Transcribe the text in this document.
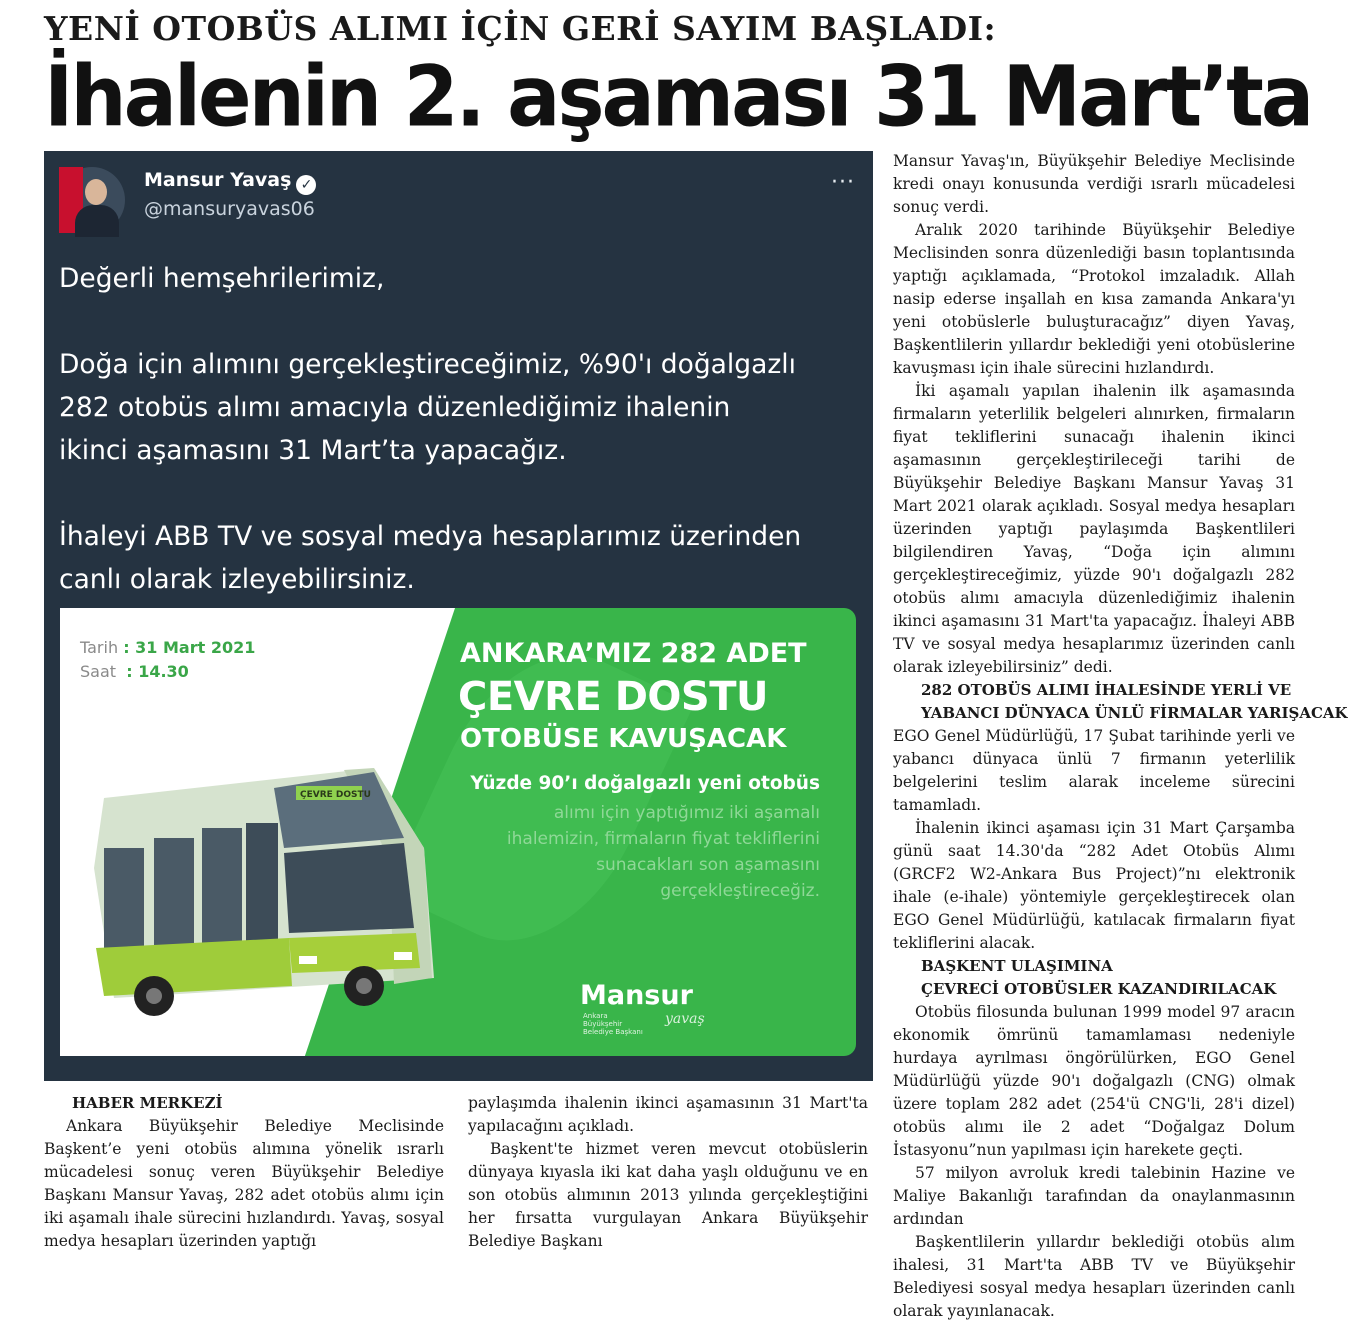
YENİ OTOBÜS ALIMI İÇİN GERİ SAYIM BAŞLADI:
İhalenin 2. aşaması 31 Mart’ta
Mansur Yavaş ✓
@mansuryavas06
···

Değerli hemşehrilerimiz,

Doğa için alımını gerçekleştireceğimiz, %90'ı doğalgazlı

282 otobüs alımı amacıyla düzenlediğimiz ihalenin

ikinci aşamasını 31 Mart’ta yapacağız.

İhaleyi ABB TV ve sosyal medya hesaplarımız üzerinden

canlı olarak izleyebilirsiniz.

Tarih : 31 Mart 2021
Saat : 14.30
ÇEVRE DOSTU
ANKARA’MIZ 282 ADET
ÇEVRE DOSTU
OTOBÜSE KAVUŞACAK
Yüzde 90’ı doğalgazlı yeni otobüs
alımı için yaptığımız iki aşamalı
ihalemizin, firmaların fiyat tekliflerini
sunacakları son aşamasını
gerçekleştireceğiz.
Mansur
Ankara Büyükşehir Belediye Başkanı
yavaş
HABER MERKEZİ

Ankara Büyükşehir Belediye Meclisinde Başkent’e yeni otobüs alımına yönelik ısrarlı mücadelesi sonuç veren Büyükşehir Belediye Başkanı Mansur Yavaş, 282 adet otobüs alımı için iki aşamalı ihale sürecini hızlandırdı. Yavaş, sosyal medya hesapları üzerinden yaptığı

paylaşımda ihalenin ikinci aşamasının 31 Mart'ta yapılacağını açıkladı.

Başkent'te hizmet veren mevcut otobüslerin dünyaya kıyasla iki kat daha yaşlı olduğunu ve en son otobüs alımının 2013 yılında gerçekleştiğini her fırsatta vurgulayan Ankara Büyükşehir Belediye Başkanı

Mansur Yavaş'ın, Büyükşehir Belediye Meclisinde kredi onayı konusunda verdiği ısrarlı mücadelesi sonuç verdi.

Aralık 2020 tarihinde Büyükşehir Belediye Meclisinden sonra düzenlediği basın toplantısında yaptığı açıklamada, “Protokol imzaladık. Allah nasip ederse inşallah en kısa zamanda Ankara'yı yeni otobüslerle buluşturacağız” diyen Yavaş, Başkentlilerin yıllardır beklediği yeni otobüslerine kavuşması için ihale sürecini hızlandırdı.

İki aşamalı yapılan ihalenin ilk aşamasında firmaların yeterlilik belgeleri alınırken, firmaların fiyat tekliflerini sunacağı ihalenin ikinci aşamasının gerçekleştirileceği tarihi de Büyükşehir Belediye Başkanı Mansur Yavaş 31 Mart 2021 olarak açıkladı. Sosyal medya hesapları üzerinden yaptığı paylaşımda Başkentlileri bilgilendiren Yavaş, “Doğa için alımını gerçekleştireceğimiz, yüzde 90'ı doğalgazlı 282 otobüs alımı amacıyla düzenlediğimiz ihalenin ikinci aşamasını 31 Mart'ta yapacağız. İhaleyi ABB TV ve sosyal medya hesaplarımız üzerinden canlı olarak izleyebilirsiniz” dedi.

282 OTOBÜS ALIMI İHALESİNDE YERLİ VE
YABANCI DÜNYACA ÜNLÜ FİRMALAR YARIŞACAK

EGO Genel Müdürlüğü, 17 Şubat tarihinde yerli ve yabancı dünyaca ünlü 7 firmanın yeterlilik belgelerini teslim alarak inceleme sürecini tamamladı.

İhalenin ikinci aşaması için 31 Mart Çarşamba günü saat 14.30'da “282 Adet Otobüs Alımı (GRCF2 W2-Ankara Bus Project)”nı elektronik ihale (e-ihale) yöntemiyle gerçekleştirecek olan EGO Genel Müdürlüğü, katılacak firmaların fiyat tekliflerini alacak.

BAŞKENT ULAŞIMINA
ÇEVRECİ OTOBÜSLER KAZANDIRILACAK

Otobüs filosunda bulunan 1999 model 97 aracın ekonomik ömrünü tamamlaması nedeniyle hurdaya ayrılması öngörülürken, EGO Genel Müdürlüğü yüzde 90'ı doğalgazlı (CNG) olmak üzere toplam 282 adet (254'ü CNG'li, 28'i dizel) otobüs alımı ile 2 adet “Doğalgaz Dolum İstasyonu”nun yapılması için harekete geçti.

57 milyon avroluk kredi talebinin Hazine ve Maliye Bakanlığı tarafından da onaylanmasının ardından

Başkentlilerin yıllardır beklediği otobüs alım ihalesi, 31 Mart'ta ABB TV ve Büyükşehir Belediyesi sosyal medya hesapları üzerinden canlı olarak yayınlanacak.
